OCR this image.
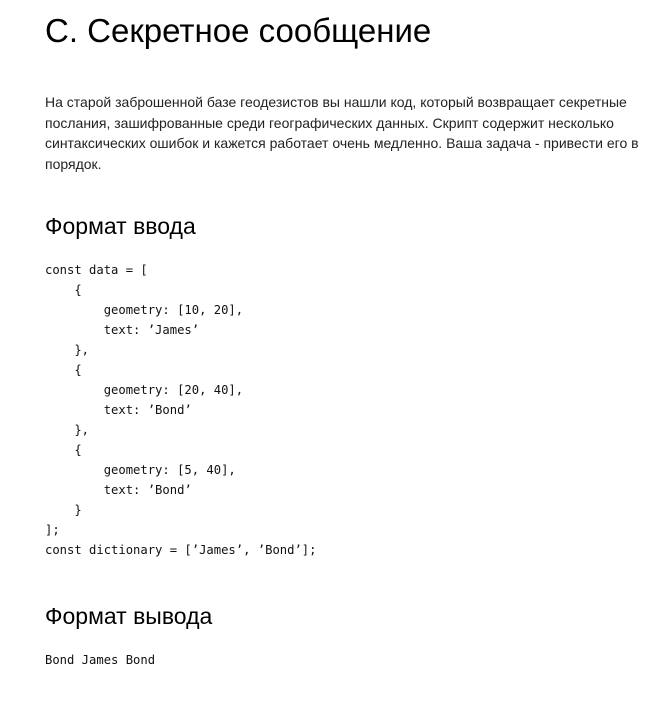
C. Секретное сообщение

На старой заброшенной базе геодезистов вы нашли код, который возвращает секретные послания, зашифрованные среди географических данных. Скрипт содержит несколько синтаксических ошибок и кажется работает очень медленно. Ваша задача - привести его в порядок.

Формат ввода
const data = [
{
geometry: [10, 20],
text: ’James’
},
{
geometry: [20, 40],
text: ’Bond’
},
{
geometry: [5, 40],
text: ’Bond’
}
];
const dictionary = [’James’, ’Bond’];
Формат вывода
Bond James Bond
